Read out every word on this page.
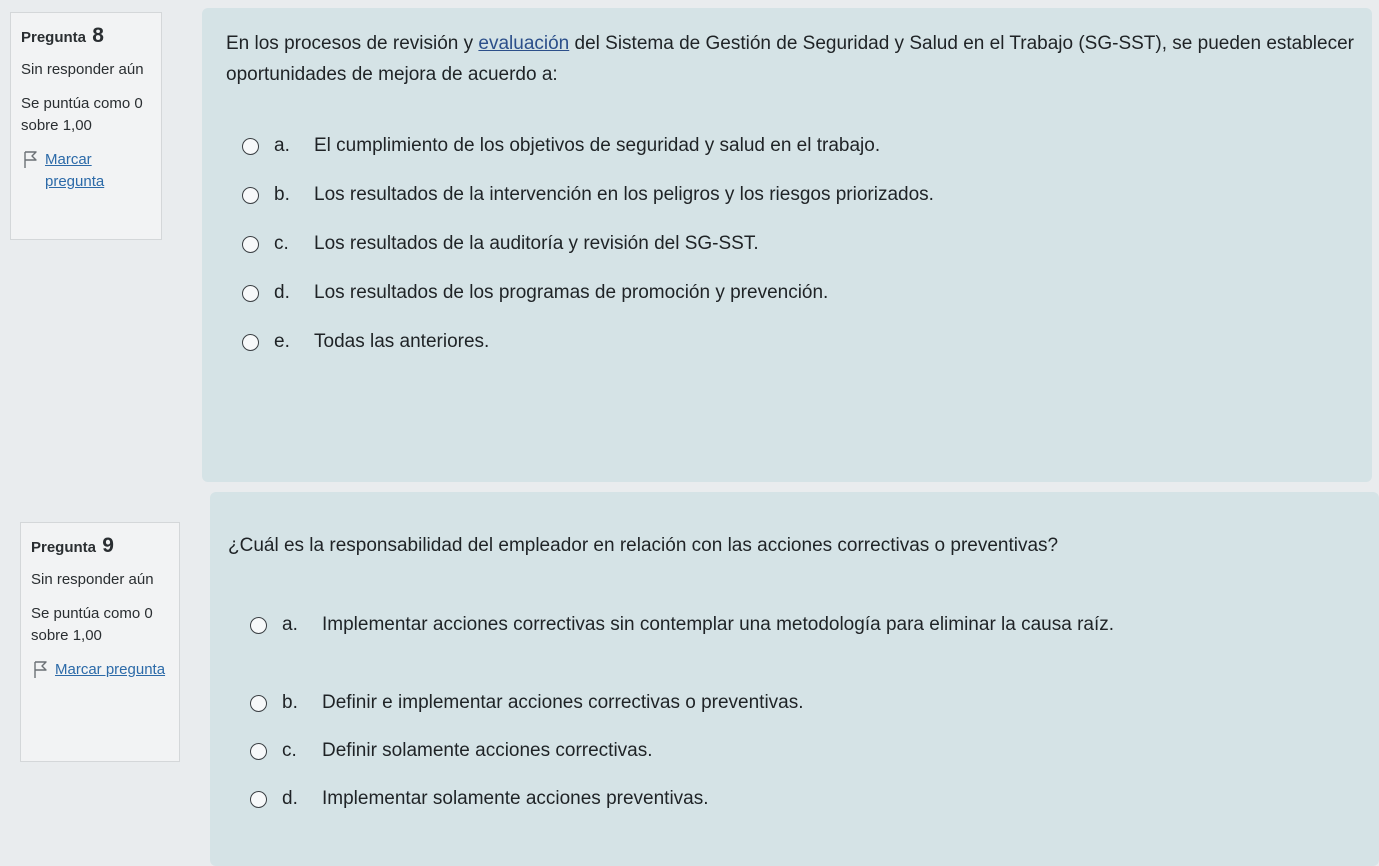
Pregunta 8
Sin responder aún
Se puntúa como 0 sobre 1,00
Marcar pregunta
En los procesos de revisión y evaluación del Sistema de Gestión de Seguridad y Salud en el Trabajo (SG-SST), se pueden establecer oportunidades de mejora de acuerdo a:
a.	El cumplimiento de los objetivos de seguridad y salud en el trabajo.
b.	Los resultados de la intervención en los peligros y los riesgos priorizados.
c.	Los resultados de la auditoría y revisión del SG-SST.
d.	Los resultados de los programas de promoción y prevención.
e.	Todas las anteriores.
Pregunta 9
Sin responder aún
Se puntúa como 0 sobre 1,00
Marcar pregunta
¿Cuál es la responsabilidad del empleador en relación con las acciones correctivas o preventivas?
a.	Implementar acciones correctivas sin contemplar una metodología para eliminar la causa raíz.
b.	Definir e implementar acciones correctivas o preventivas.
c.	Definir solamente acciones correctivas.
d.	Implementar solamente acciones preventivas.
